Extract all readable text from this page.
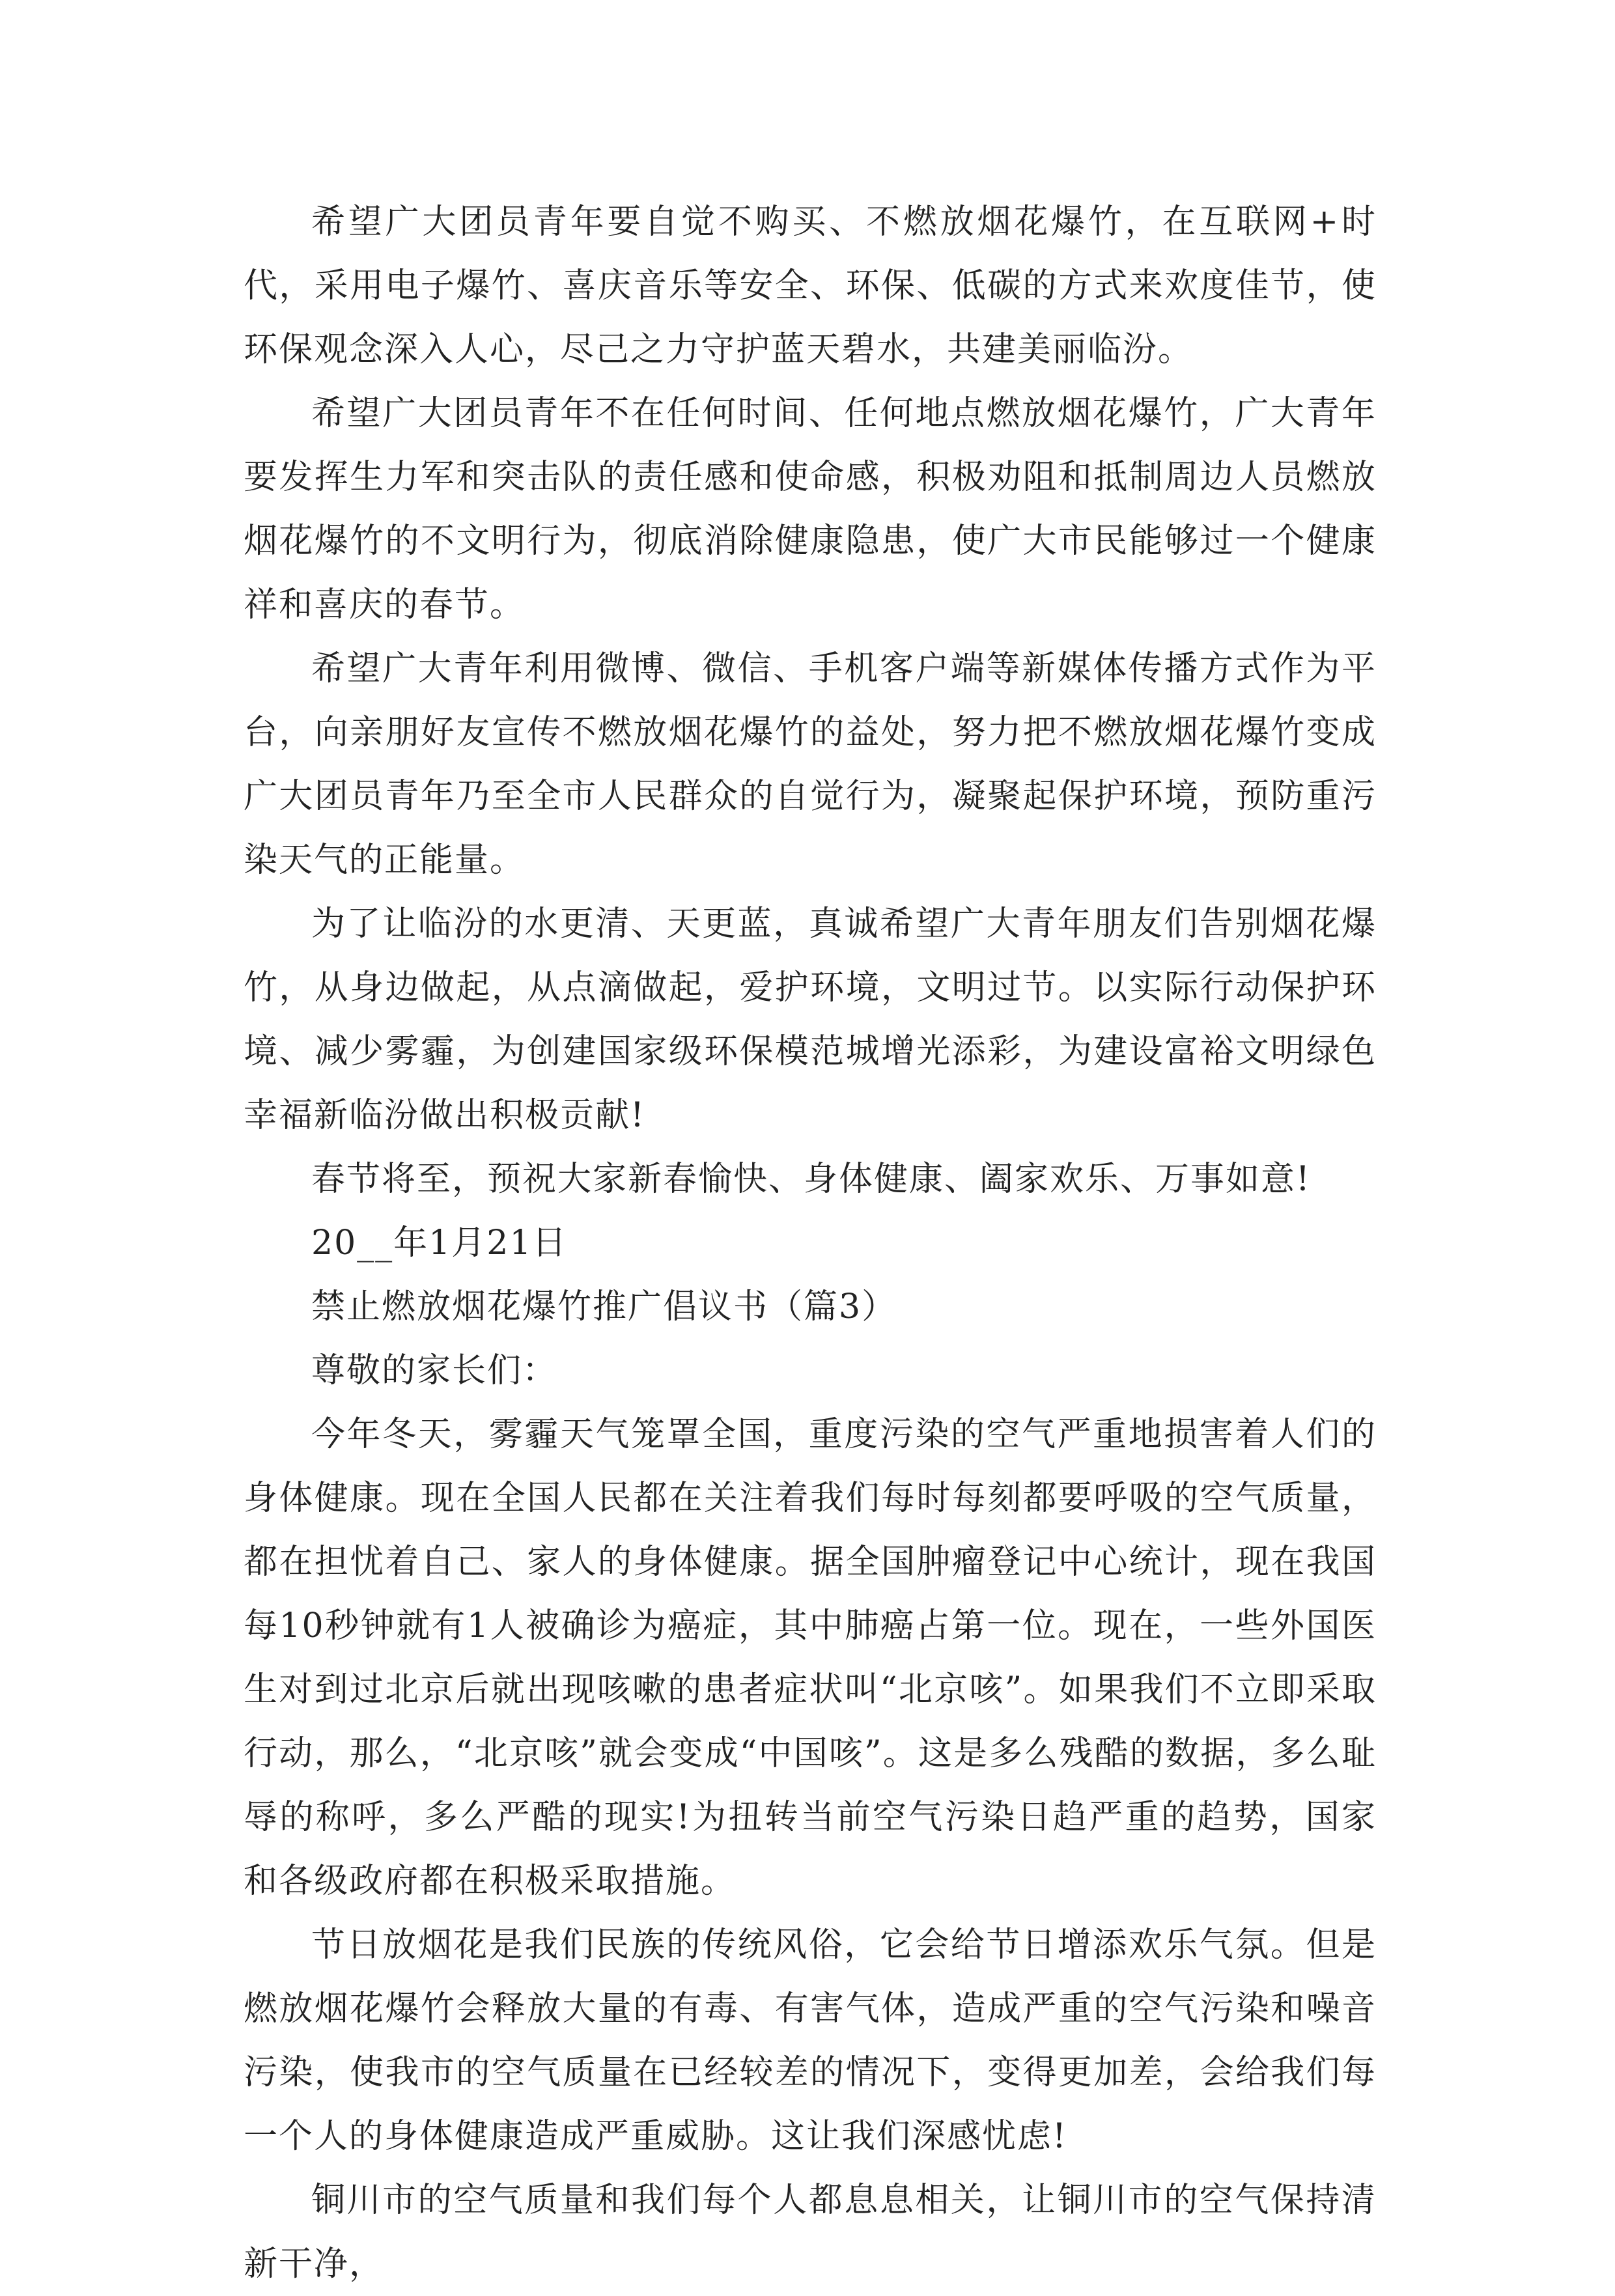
希望广大团员青年要自觉不购买、不燃放烟花爆竹，在互联网+时代，采用电子爆竹、喜庆音乐等安全、环保、低碳的方式来欢度佳节，使环保观念深入人心，尽己之力守护蓝天碧水，共建美丽临汾。

希望广大团员青年不在任何时间、任何地点燃放烟花爆竹，广大青年要发挥生力军和突击队的责任感和使命感，积极劝阻和抵制周边人员燃放烟花爆竹的不文明行为，彻底消除健康隐患，使广大市民能够过一个健康祥和喜庆的春节。

希望广大青年利用微博、微信、手机客户端等新媒体传播方式作为平台，向亲朋好友宣传不燃放烟花爆竹的益处，努力把不燃放烟花爆竹变成广大团员青年乃至全市人民群众的自觉行为，凝聚起保护环境，预防重污染天气的正能量。

为了让临汾的水更清、天更蓝，真诚希望广大青年朋友们告别烟花爆竹，从身边做起，从点滴做起，爱护环境，文明过节。以实际行动保护环境、减少雾霾，为创建国家级环保模范城增光添彩，为建设富裕文明绿色幸福新临汾做出积极贡献!

春节将至，预祝大家新春愉快、身体健康、阖家欢乐、万事如意!

20__年1月21日

禁止燃放烟花爆竹推广倡议书（篇3）

尊敬的家长们：

今年冬天，雾霾天气笼罩全国，重度污染的空气严重地损害着人们的身体健康。现在全国人民都在关注着我们每时每刻都要呼吸的空气质量，都在担忧着自己、家人的身体健康。据全国肿瘤登记中心统计，现在我国每10秒钟就有1人被确诊为癌症，其中肺癌占第一位。现在，一些外国医生对到过北京后就出现咳嗽的患者症状叫“北京咳”。如果我们不立即采取行动，那么，“北京咳”就会变成“中国咳”。这是多么残酷的数据，多么耻辱的称呼，多么严酷的现实!为扭转当前空气污染日趋严重的趋势，国家和各级政府都在积极采取措施。

节日放烟花是我们民族的传统风俗，它会给节日增添欢乐气氛。但是燃放烟花爆竹会释放大量的有毒、有害气体，造成严重的空气污染和噪音污染，使我市的空气质量在已经较差的情况下，变得更加差，会给我们每一个人的身体健康造成严重威胁。这让我们深感忧虑!

铜川市的空气质量和我们每个人都息息相关，让铜川市的空气保持清新干净，
